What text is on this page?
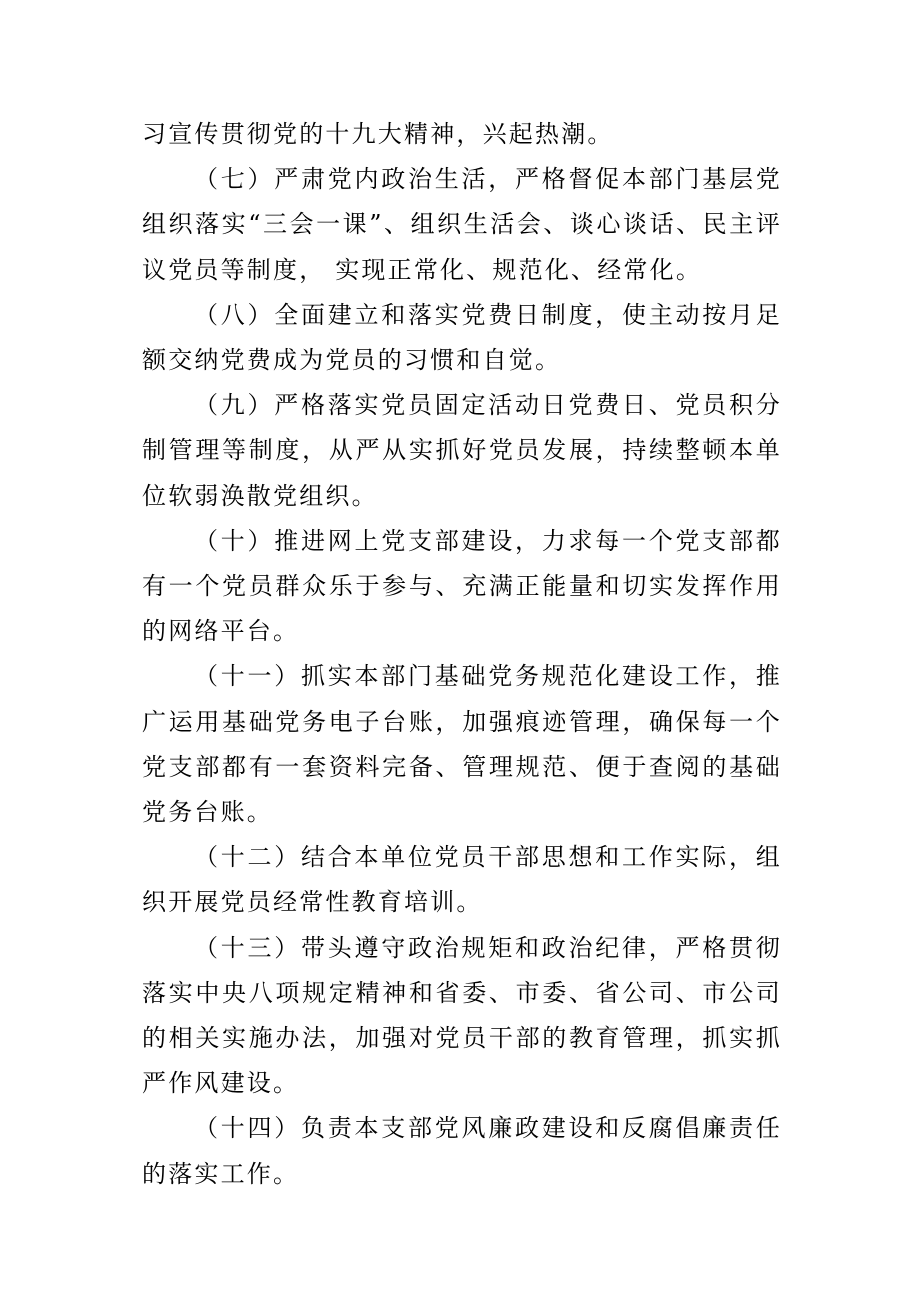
习宣传贯彻党的十九大精神，兴起热潮。

（七）严肃党内政治生活，严格督促本部门基层党组织落实“三会一课”、组织生活会、谈心谈话、民主评议党员等制度， 实现正常化、规范化、经常化。

（八）全面建立和落实党费日制度，使主动按月足额交纳党费成为党员的习惯和自觉。

（九）严格落实党员固定活动日党费日、党员积分制管理等制度，从严从实抓好党员发展，持续整顿本单位软弱涣散党组织。

（十）推进网上党支部建设，力求每一个党支部都有一个党员群众乐于参与、充满正能量和切实发挥作用的网络平台。

（十一）抓实本部门基础党务规范化建设工作，推广运用基础党务电子台账，加强痕迹管理，确保每一个党支部都有一套资料完备、管理规范、便于查阅的基础党务台账。

（十二）结合本单位党员干部思想和工作实际，组织开展党员经常性教育培训。

（十三）带头遵守政治规矩和政治纪律，严格贯彻落实中央八项规定精神和省委、市委、省公司、市公司的相关实施办法，加强对党员干部的教育管理，抓实抓严作风建设。

（十四）负责本支部党风廉政建设和反腐倡廉责任的落实工作。
